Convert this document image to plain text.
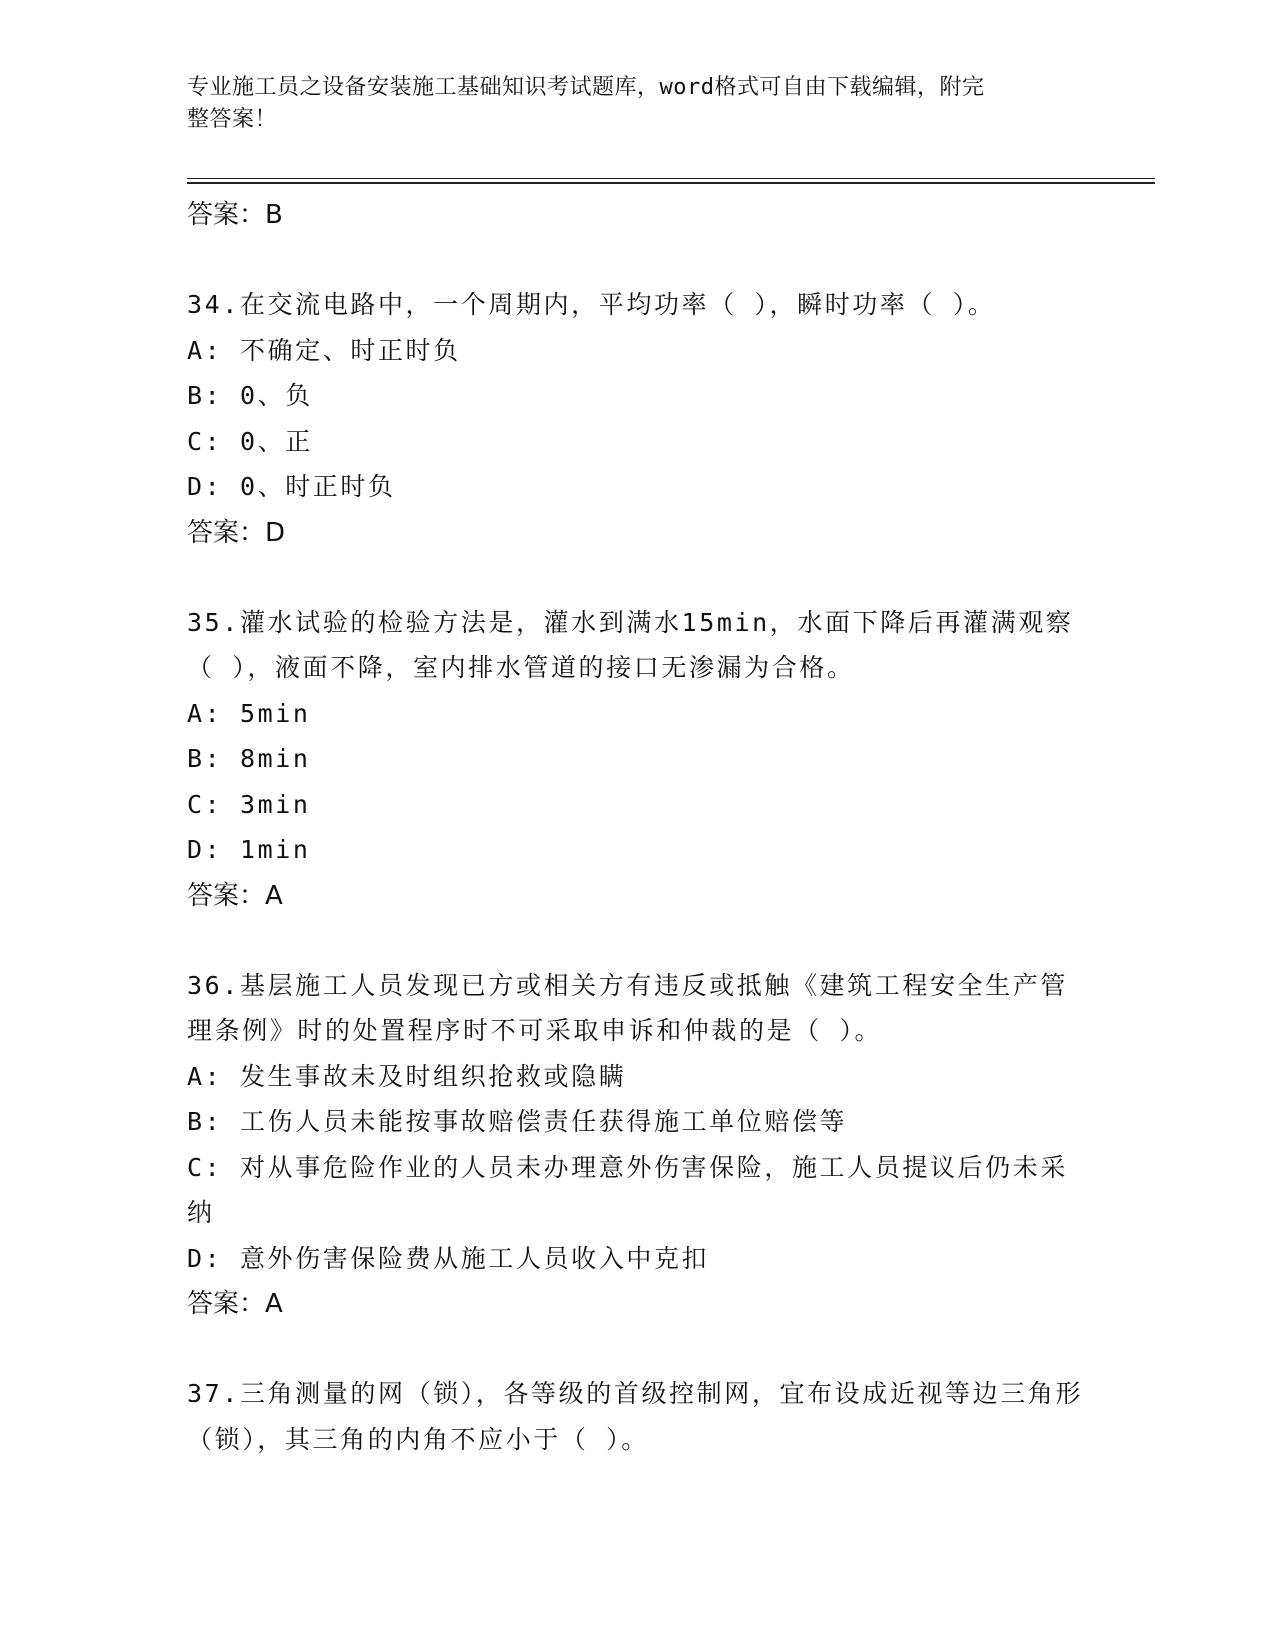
专业施工员之设备安装施工基础知识考试题库，word格式可自由下载编辑，附完
整答案！
答案：B
34.在交流电路中，一个周期内，平均功率（ ），瞬时功率（ ）。
A: 不确定、时正时负
B: 0、负
C: 0、正
D: 0、时正时负
答案：D
35.灌水试验的检验方法是，灌水到满水15min，水面下降后再灌满观察（ ），液面不降，室内排水管道的接口无渗漏为合格。
A: 5min
B: 8min
C: 3min
D: 1min
答案：A
36.基层施工人员发现已方或相关方有违反或抵触《建筑工程安全生产管理条例》时的处置程序时不可采取申诉和仲裁的是（ ）。
A: 发生事故未及时组织抢救或隐瞒
B: 工伤人员未能按事故赔偿责任获得施工单位赔偿等
C: 对从事危险作业的人员未办理意外伤害保险，施工人员提议后仍未采纳
D: 意外伤害保险费从施工人员收入中克扣
答案：A
37.三角测量的网（锁），各等级的首级控制网，宜布设成近视等边三角形（锁），其三角的内角不应小于（ ）。
